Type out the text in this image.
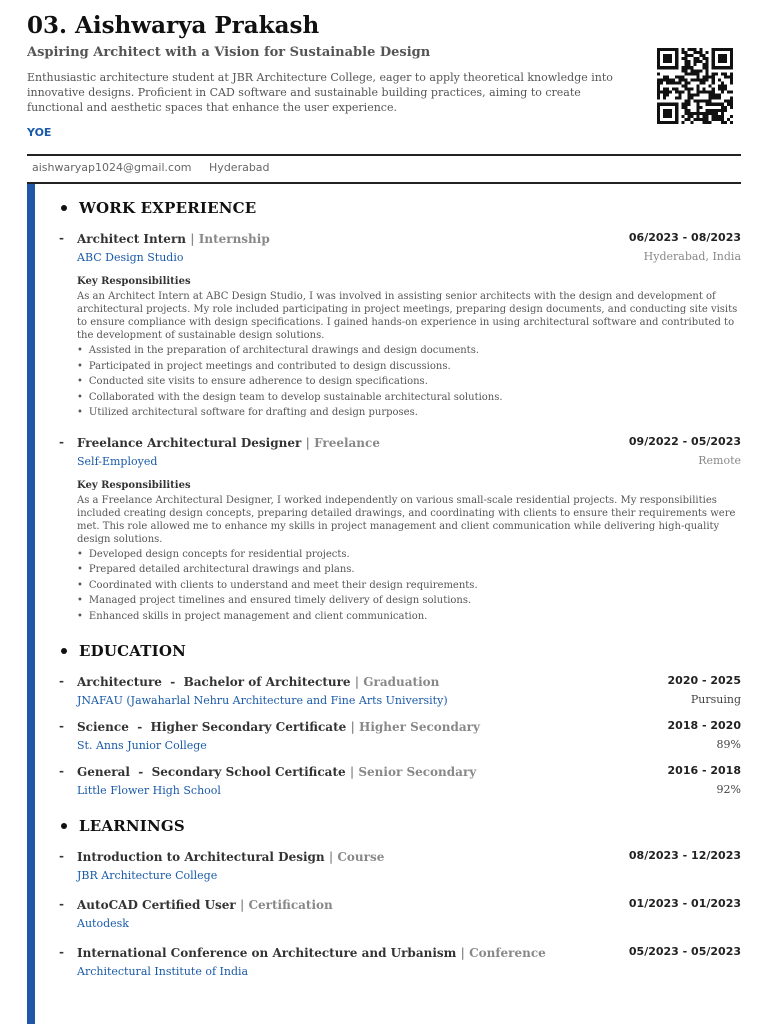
03. Aishwarya Prakash
Aspiring Architect with a Vision for Sustainable Design
Enthusiastic architecture student at JBR Architecture College, eager to apply theoretical knowledge into innovative designs. Proficient in CAD software and sustainable building practices, aiming to create functional and aesthetic spaces that enhance the user experience.
YOE
aishwaryap1024@gmail.com Hyderabad
WORK EXPERIENCE
- Architect Intern | Internship
ABC Design Studio
06/2023 - 08/2023
Hyderabad, India
Key Responsibilities
As an Architect Intern at ABC Design Studio, I was involved in assisting senior architects with the design and development of architectural projects. My role included participating in project meetings, preparing design documents, and conducting site visits to ensure compliance with design specifications. I gained hands-on experience in using architectural software and contributed to the development of sustainable design solutions.
• Assisted in the preparation of architectural drawings and design documents.
• Participated in project meetings and contributed to design discussions.
• Conducted site visits to ensure adherence to design specifications.
• Collaborated with the design team to develop sustainable architectural solutions.
• Utilized architectural software for drafting and design purposes.
- Freelance Architectural Designer | Freelance
Self-Employed
09/2022 - 05/2023
Remote
Key Responsibilities
As a Freelance Architectural Designer, I worked independently on various small-scale residential projects. My responsibilities included creating design concepts, preparing detailed drawings, and coordinating with clients to ensure their requirements were met. This role allowed me to enhance my skills in project management and client communication while delivering high-quality design solutions.
• Developed design concepts for residential projects.
• Prepared detailed architectural drawings and plans.
• Coordinated with clients to understand and meet their design requirements.
• Managed project timelines and ensured timely delivery of design solutions.
• Enhanced skills in project management and client communication.
EDUCATION
- Architecture  -  Bachelor of Architecture | Graduation
JNAFAU (Jawaharlal Nehru Architecture and Fine Arts University)
2020 - 2025
Pursuing
- Science  -  Higher Secondary Certificate | Higher Secondary
St. Anns Junior College
2018 - 2020
89%
- General  -  Secondary School Certificate | Senior Secondary
Little Flower High School
2016 - 2018
92%
LEARNINGS
- Introduction to Architectural Design | Course
JBR Architecture College
08/2023 - 12/2023
- AutoCAD Certified User | Certification
Autodesk
01/2023 - 01/2023
- International Conference on Architecture and Urbanism | Conference
Architectural Institute of India
05/2023 - 05/2023
